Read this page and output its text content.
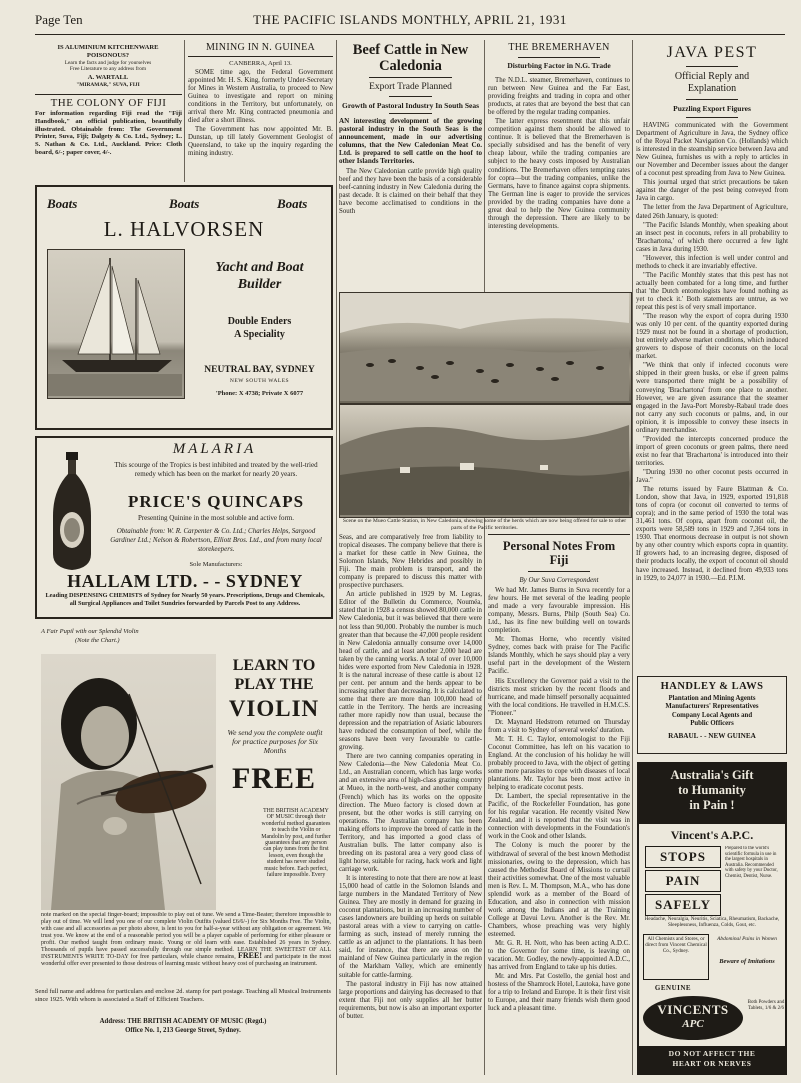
Page Ten	THE PACIFIC ISLANDS MONTHLY, APRIL 21, 1931
IS ALUMINIUM KITCHENWARE POISONOUS?
Learn the facts and judge for yourselves
Free Literature to any address from
A. WARTALL
"MIRAMAR," SUVA, FIJI
THE COLONY OF FIJI
For information regarding Fiji read the "Fiji Handbook," an official publication, beautifully illustrated. Obtainable from: The Government Printer, Suva, Fiji; Dalgety & Co. Ltd., Sydney; L. S. Nathan & Co. Ltd., Auckland. Price: Cloth board, 6/-; paper cover, 4/-.
MINING IN N. GUINEA
CANBERRA, April 13.

SOME time ago, the Federal Government appointed Mr. H. S. King, formerly Under-Secretary for Mines in Western Australia, to proceed to New Guinea to investigate and report on mining conditions in the Territory, but unfortunately, on arrival there Mr. King contracted pneumonia and died after a short illness.

The Government has now appointed Mr. B. Dunstan, up till lately Government Geologist of Queensland, to take up the inquiry regarding the mining industry.

Boats	Boats	Boats
L. HALVORSEN
Yacht and Boat
Builder
Double Enders
A Speciality
NEUTRAL BAY, SYDNEY
NEW SOUTH WALES
'Phone: X 4738; Private X 6077
MALARIA
This scourge of the Tropics is best inhibited and treated by the well-tried remedy which has been on the market for nearly 20 years.
PRICE'S QUINCAPS
Presenting Quinine in the most soluble and active form.
Obtainable from: W. R. Carpenter & Co. Ltd.; Charles Helps, Sargood Gardiner Ltd.; Nelson & Robertson, Elliott Bros. Ltd., and from many local storekeepers.
Sole Manufacturers:
HALLAM LTD. - - SYDNEY
Leading DISPENSING CHEMISTS of Sydney for Nearly 50 years. Prescriptions, Drugs and Chemicals, all Surgical Appliances and Toilet Sundries forwarded by Parcels Post to any Address.
A Fair Pupil with our Splendid Violin
(Note the Chart.)
LEARN TO
PLAY THE
VIOLIN
We send you the complete outfit for practice purposes for Six Months
FREE
THE BRITISH ACADEMY OF MUSIC through their wonderful method guarantees to teach the Violin or Mandolin by post, and further guarantees that any person can play tunes from the first lesson, even though the student has never studied music before. Each perfect, failure impossible. Every
note marked on the special finger-board; impossible to play out of tune. We send a Time-Beater; therefore impossible to play out of time. We will lend you one of our complete Violin Outfits (valued £6/6/-) for Six Months Free. The Violin, with case and all accessories as per photo above, is lent to you for half-a-year without any obligation or agreement. We trust you. We know at the end of a reasonable period you will be a player capable of performing for either pleasure or profit. Our method taught from ordinary music. Young or old learn with ease. Established 26 years in Sydney. Thousands of pupils have passed successfully through our simple method. LEARN THE SWEETEST OF ALL INSTRUMENTS WRITE TO-DAY for free particulars, while chance remains, FREE! and participate in the most wonderful offer ever presented to those desirous of learning music without heavy cost of purchasing an instrument.
Send full name and address for particulars and enclose 2d. stamp for part postage. Teaching all Musical Instruments since 1925. With whom is associated a Staff of Efficient Teachers.
Address: THE BRITISH ACADEMY OF MUSIC (Regd.)
Office No. 1, 213 George Street, Sydney.
Beef Cattle in New
Caledonia
Export Trade Planned
Growth of Pastoral Industry In South Seas
AN interesting development of the growing pastoral industry in the South Seas is the announcement, made in our advertising columns, that the New Caledonian Meat Co. Ltd. is prepared to sell cattle on the hoof to other Islands Territories.

The New Caledonian cattle provide high quality beef and they have been the basis of a considerable beef-canning industry in New Caledonia during the past decade. It is claimed on their behalf that they have become acclimatised to conditions in the South

THE BREMERHAVEN
Disturbing Factor in N.G. Trade

The N.D.L. steamer, Bremerhaven, continues to run between New Guinea and the Far East, providing freights and trading in copra and other products, at rates that are beyond the best that can be offered by the regular trading companies.

The latter express resentment that this unfair competition against them should be allowed to continue. It is believed that the Bremerhaven is specially subsidised and has the benefit of very cheap labour, while the trading companies are subject to the heavy costs imposed by Australian conditions. The Bremerhaven offers tempting rates for copra—but the trading companies, unlike the Germans, have to finance against copra shipments. The German line is eager to provide the services provided by the trading companies have done a great deal to help the New Guinea community through the depression. There are likely to be interesting developments.

Scene on the Mueo Cattle Station, in New Caledonia, showing some of the herds which are now being offered for sale to other parts of the Pacific territories.

Seas, and are comparatively free from liability to tropical diseases. The company believe that there is a market for these cattle in New Guinea, the Solomon Islands, New Hebrides and possibly in Fiji. The main problem is transport, and the company is prepared to discuss this matter with prospective purchasers.

An article published in 1929 by M. Legras, Editor of the Bulletin du Commerce, Nouméa, stated that in 1928 a census showed 80,000 cattle in New Caledonia, but it was believed that there were not less than 90,000. Probably the number is much greater than that because the 47,000 people resident in New Caledonia annually consume over 14,000 head of cattle, and at least another 2,000 head are taken by the canning works. A total of over 10,000 hides were exported from New Caledonia in 1928. It is the natural increase of these cattle is about 12 per cent. per annum and the herds appear to be increasing rather than decreasing. It is calculated to some that there are more than 100,000 head of cattle in the Territory. The herds are increasing rather more rapidly now than usual, because the depression and the repatriation of Asiatic labourers have reduced the consumption of beef, while the seasons have been very favourable to cattle-growing.

There are two canning companies operating in New Caledonia—the New Caledonia Meat Co. Ltd., an Australian concern, which has large works and an extensive area of high-class grazing country at Mueo, in the north-west, and another company (French) which has its works on the opposite direction. The Mueo factory is closed down at present, but the other works is still carrying on operations. The Australian company has been making efforts to improve the breed of cattle in the Territory, and has imported a good class of Australian bulls. The latter company also is breeding on its pastoral area a very good class of light horse, suitable for racing, hack work and light carriage work.

It is interesting to note that there are now at least 15,000 head of cattle in the Solomon Islands and large numbers in the Mandated Territory of New Guinea. They are mostly in demand for grazing in coconut plantations, but in an increasing number of cases landowners are building up herds on suitable pastoral areas with a view to carrying on cattle-farming as such, instead of merely running the cattle as an adjunct to the plantations. It has been said, for instance, that there are areas on the mainland of New Guinea particularly in the region of the Markham Valley, which are eminently suitable for cattle-farming.

The pastoral industry in Fiji has now attained large proportions and dairying has decreased to that extent that Fiji not only supplies all her butter requirements, but now is also an important exporter of butter.

Personal Notes From
Fiji
By Our Suva Correspondent

We had Mr. James Burns in Suva recently for a few hours. He met several of the leading people and made a very favourable impression. His company, Messrs. Burns, Philp (South Sea) Co. Ltd., has its fine new building well on towards completion.

Mr. Thomas Horne, who recently visited Sydney, comes back with praise for The Pacific Islands Monthly, which he says should play a very useful part in the development of the Western Pacific.

His Excellency the Governor paid a visit to the districts most stricken by the recent floods and hurricane, and made himself personally acquainted with the local conditions. He travelled in H.M.C.S. "Pioneer."

Dr. Maynard Hedstrom returned on Thursday from a visit to Sydney of several weeks' duration.

Mr. T. H. C. Taylor, entomologist to the Fiji Coconut Committee, has left on his vacation to England. At the conclusion of his holiday he will probably proceed to Java, with the object of getting some more parasites to cope with diseases of local plantations. Mr. Taylor has been most active in helping to eradicate coconut pests.

Dr. Lambert, the special representative in the Pacific, of the Rockefeller Foundation, has gone for his regular vacation. He recently visited New Zealand, and it is reported that the visit was in connection with developments in the Foundation's work in the Cook and other Islands.

The Colony is much the poorer by the withdrawal of several of the best known Methodist missionaries, owing to the depression, which has caused the Methodist Board of Missions to curtail their activities somewhat. One of the most valuable men is Rev. L. M. Thompson, M.A., who has done splendid work as a member of the Board of Education, and also in connection with mission work among the Indians and at the Training College at Davui Levu. Another is the Rev. Mr. Chambers, whose preaching was very highly esteemed.

Mr. G. R. H. Nott, who has been acting A.D.C. to the Governor for some time, is leaving on vacation. Mr. Godley, the newly-appointed A.D.C., has arrived from England to take up his duties.

Mr. and Mrs. Pat Costello, the genial host and hostess of the Shamrock Hotel, Lautoka, have gone for a trip to Ireland and Europe. It is their first visit to Europe, and their many friends wish them good luck and a pleasant time.

JAVA PEST
Official Reply and
Explanation
Puzzling Export Figures

HAVING communicated with the Government Department of Agriculture in Java, the Sydney office of the Royal Packet Navigation Co. (Hollands) which is interested in the steamship service between Java and New Guinea, furnishes us with a reply to articles in our November and December issues about the danger of a coconut pest spreading from Java to New Guinea.

This journal urged that strict precautions be taken against the danger of the pest being conveyed from Java in cargo.

The letter from the Java Department of Agriculture, dated 26th January, is quoted:

"The Pacific Islands Monthly, when speaking about an insect pest in coconuts, refers in all probability to 'Brachartona,' of which there occurred a few light cases in Java during 1930.

"However, this infection is well under control and methods to check it are invariably effective.

"The Pacific Monthly states that this pest has not actually been combated for a long time, and further that 'the Dutch entomologists have found nothing as yet to check it.' Both statements are untrue, as we repeat this pest is of very small importance.

"The reason why the export of copra during 1930 was only 10 per cent. of the quantity exported during 1929 must not be found in a shortage of production, but entirely adverse market conditions, which induced growers to dispose of their coconuts on the local market.

"We think that only if infected coconuts were shipped in their green husks, or else if green palms were transported there might be a possibility of conveying 'Brachartona' from one place to another. However, we are given assurance that the steamer engaged in the Java-Port Moresby-Rabaul trade does not carry any such coconuts or palms, and, in our opinion, it is impossible to convey these insects in ordinary merchandise.

"Provided the intercepts concerned produce the import of green coconuts or green palms, there need exist no fear that 'Brachartona' is introduced into their territories.

"During 1930 no other coconut pests occurred in Java."

The returns issued by Faure Blattman & Co. London, show that Java, in 1929, exported 191,818 tons of copra (or coconut oil converted to terms of copra); and in the same period of 1930 the total was 31,461 tons. Of copra, apart from coconut oil, the exports were 58,589 tons in 1929 and 7,364 tons in 1930. That enormous decrease in output is not shown by any other country which exports copra in quantity. If growers had, to an increasing degree, disposed of their products locally, the export of coconut oil should have increased. Instead, it declined from 49,933 tons in 1929, to 24,077 in 1930.—Ed. P.I.M.

HANDLEY & LAWS
Plantation and Mining Agents
Manufacturers' Representatives
Company Local Agents and
Public Officers
RABAUL - - NEW GUINEA
Australia's Gift
to Humanity
in Pain !
Vincent's A.P.C.
STOPS
PAIN
SAFELY
Prepared to the world's scientific formula in use in the largest hospitals in Australia. Recommended with safety by your Doctor, Chemist, Dentist, Nurse.
Headache, Neuralgia, Neuritis, Sciatica, Rheumatism, Backache, Sleeplessness, Influenza, Colds, Gout, etc.
All Chemists and Stores, or direct from Vincent Chemical Co., Sydney.
Abdominal Pains in Women
Beware of Imitations
GENUINE
VINCENTS
APC
Both Powders and Tablets, 1/6 & 2/6
DO NOT AFFECT THE
HEART OR NERVES
